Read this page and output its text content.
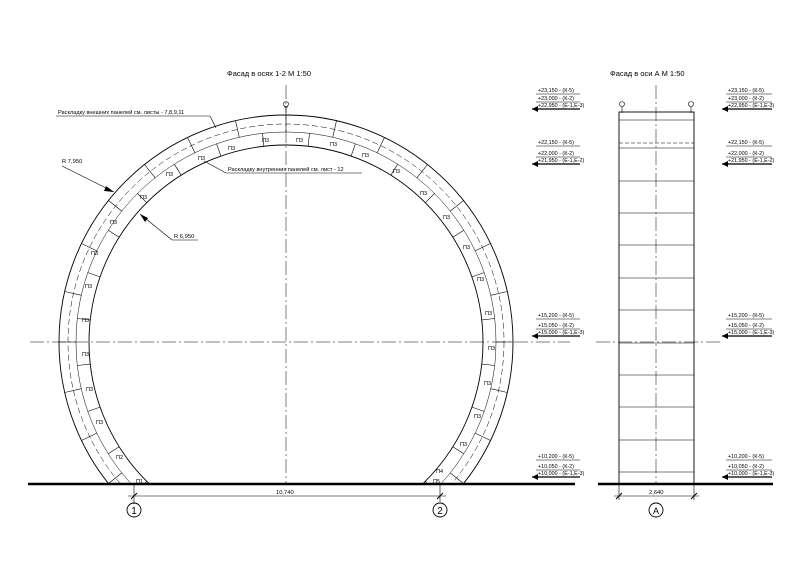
Фасад в осях 1-2 М 1:50	Фасад в оси А М 1:50
Раскладку внешних панелей см. листы - 7,8,9,11
Раскладку внутренних панелей см. лист - 12
R 7,950
R 6,950
П2
П1
П4
П5
П3
П3
П3
П3
П3
П3
П3
П3
П3
П3
П3
П3	П3
П3
П3
П3
П3
П3
П3
П3
П3
П3
П3
П3
П3
10,740
1	2
2,640
А
+23,150 - (К-5)
+23,000 - (К-2)
+22,950 - (Е-1,Е-3)
+22,150 - (К-5)
+22,000 - (К-2)
+21,950 - (Е-1,Е-2)
+15,200 - (К-5)
+15,050 - (К-2)
+15,000 - (Е-1,Е-3)
+10,200 - (К-5)
+10,050 - (К-2)
+10,000 - (Е-1,Е-3)
+23,150 - (К-5)
+23,000 - (К-2)
+22,950 - (Е-1,Е-3)
+22,150 - (К-5)
+22,000 - (К-2)
+21,950 - (Е-1,Е-2)
+15,200 - (К-5)
+15,050 - (К-2)
+15,000 - (Е-1,Е-3)
+10,200 - (К-5)
+10,050 - (К-2)
+10,000 - (Е-1,Е-3)
